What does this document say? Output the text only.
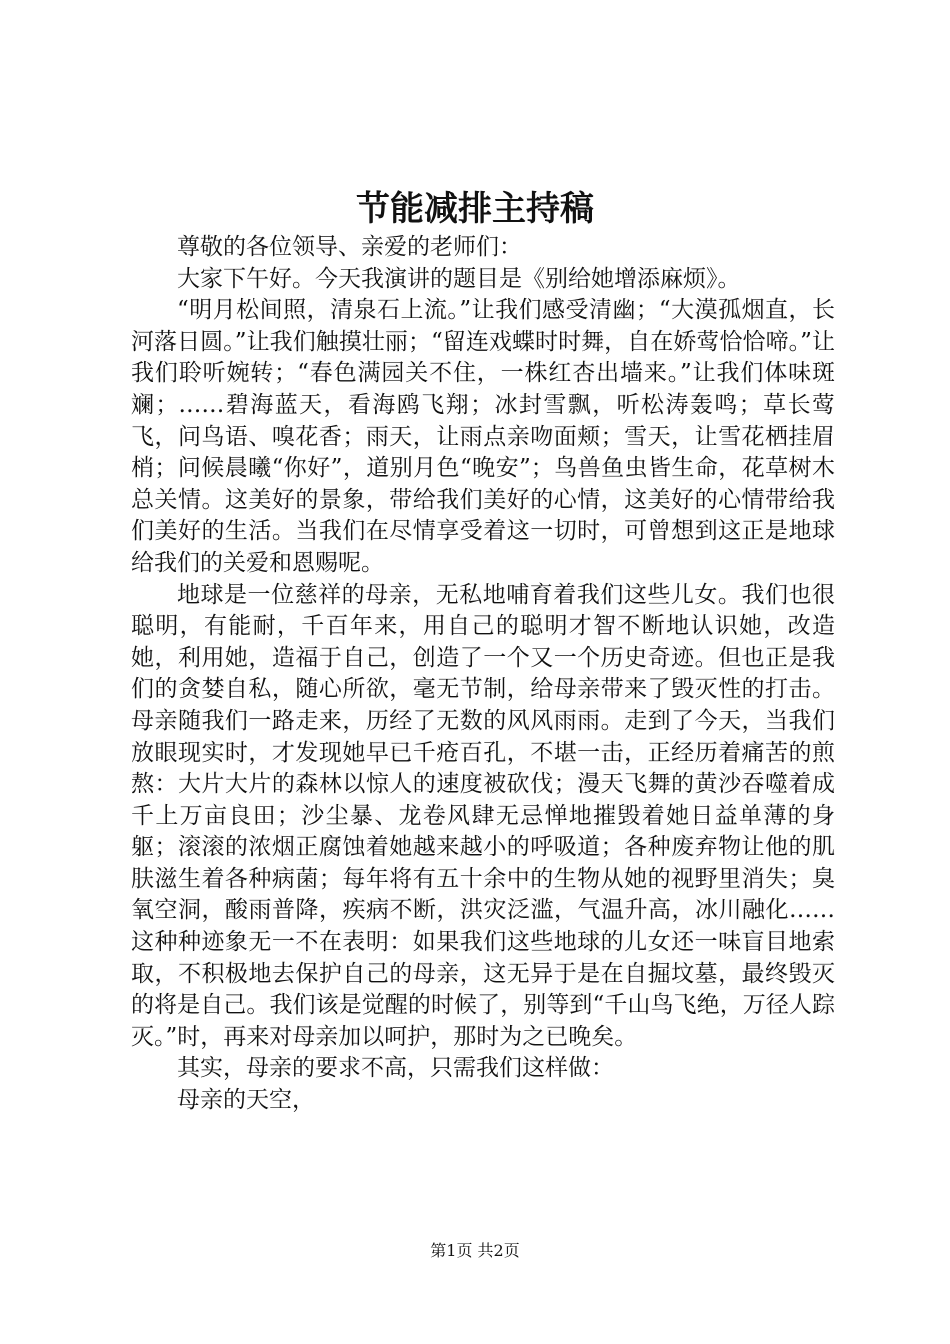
节能减排主持稿

尊敬的各位领导、亲爱的老师们：

大家下午好。今天我演讲的题目是《别给她增添麻烦》。

“明月松间照，清泉石上流。”让我们感受清幽；“大漠孤烟直，长河落日圆。”让我们触摸壮丽；“留连戏蝶时时舞，自在娇莺恰恰啼。”让我们聆听婉转；“春色满园关不住，一株红杏出墙来。”让我们体味斑斓；……碧海蓝天，看海鸥飞翔；冰封雪飘，听松涛轰鸣；草长莺飞，问鸟语、嗅花香；雨天，让雨点亲吻面颊；雪天，让雪花栖挂眉梢；问候晨曦“你好”，道别月色“晚安”；鸟兽鱼虫皆生命，花草树木总关情。这美好的景象，带给我们美好的心情，这美好的心情带给我们美好的生活。当我们在尽情享受着这一切时，可曾想到这正是地球给我们的关爱和恩赐呢。

地球是一位慈祥的母亲，无私地哺育着我们这些儿女。我们也很聪明，有能耐，千百年来，用自己的聪明才智不断地认识她，改造她，利用她，造福于自己，创造了一个又一个历史奇迹。但也正是我们的贪婪自私，随心所欲，毫无节制，给母亲带来了毁灭性的打击。母亲随我们一路走来，历经了无数的风风雨雨。走到了今天，当我们放眼现实时，才发现她早已千疮百孔，不堪一击，正经历着痛苦的煎熬：大片大片的森林以惊人的速度被砍伐；漫天飞舞的黄沙吞噬着成千上万亩良田；沙尘暴、龙卷风肆无忌惮地摧毁着她日益单薄的身躯；滚滚的浓烟正腐蚀着她越来越小的呼吸道；各种废弃物让他的肌肤滋生着各种病菌；每年将有五十余中的生物从她的视野里消失；臭氧空洞，酸雨普降，疾病不断，洪灾泛滥，气温升高，冰川融化……这种种迹象无一不在表明：如果我们这些地球的儿女还一味盲目地索取，不积极地去保护自己的母亲，这无异于是在自掘坟墓，最终毁灭的将是自己。我们该是觉醒的时候了，别等到“千山鸟飞绝，万径人踪灭。”时，再来对母亲加以呵护，那时为之已晚矣。

其实，母亲的要求不高，只需我们这样做：

母亲的天空，

第1页 共2页
